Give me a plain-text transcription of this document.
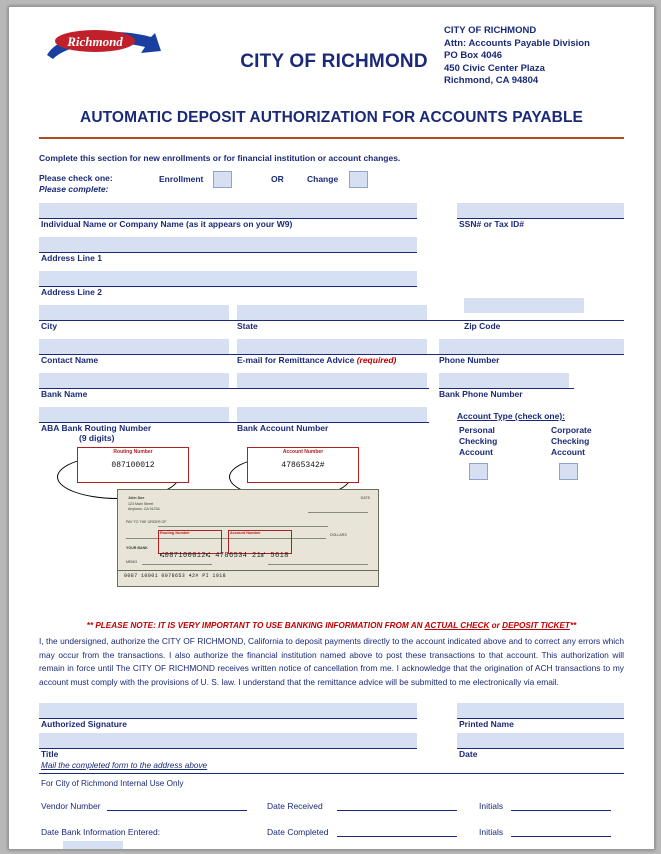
Richmond
CITY OF RICHMOND
CITY OF RICHMOND
Attn: Accounts Payable Division
PO Box 4046
450 Civic Center Plaza
Richmond, CA 94804
AUTOMATIC DEPOSIT AUTHORIZATION FOR ACCOUNTS PAYABLE
Complete this section for new enrollments or for financial institution or account changes.
Please check one:
Please complete:
Enrollment	OR	Change
Individual Name or Company Name (as it appears on your W9)	SSN# or Tax ID#
Address Line 1
Address Line 2
City	State	Zip Code
Contact Name	E-mail for Remittance Advice (required)	Phone Number
Bank Name	Bank Phone Number
ABA Bank Routing Number
(9 digits)
Bank Account Number
Account Type (check one):
Personal
Checking
Account
Corporate
Checking
Account
Routing Number
087100012
Account Number
47865342#
John Doe
123 Main Street
Anytown, CA 91234
DATE
PAY TO THE ORDER OF
DOLLARS
YOUR BANK
MEMO
Routing Number	Account Number
⑆087100012⑆ 4786534 21⑈ 5618
0087 10001 0078653 42# PI 1018
** PLEASE NOTE: IT IS VERY IMPORTANT TO USE BANKING INFORMATION FROM AN ACTUAL CHECK or DEPOSIT TICKET**
I, the undersigned, authorize the CITY OF RICHMOND, California to deposit payments directly to the account indicated above and to correct any errors which may occur from the transactions. I also authorize the financial institution named above to post these transactions to that account. This authorization will remain in force until The CITY OF RICHMOND receives written notice of cancellation from me. I acknowledge that the origination of ACH transactions to my account must comply with the provisions of U. S. law. I understand that the remittance advice will be submitted to me electronically via email.
Authorized Signature	Printed Name
Title	Date
Mail the completed form to the address above
For City of Richmond Internal Use Only
Vendor Number	Date Received	Initials
Date Bank Information Entered:	Date Completed	Initials
